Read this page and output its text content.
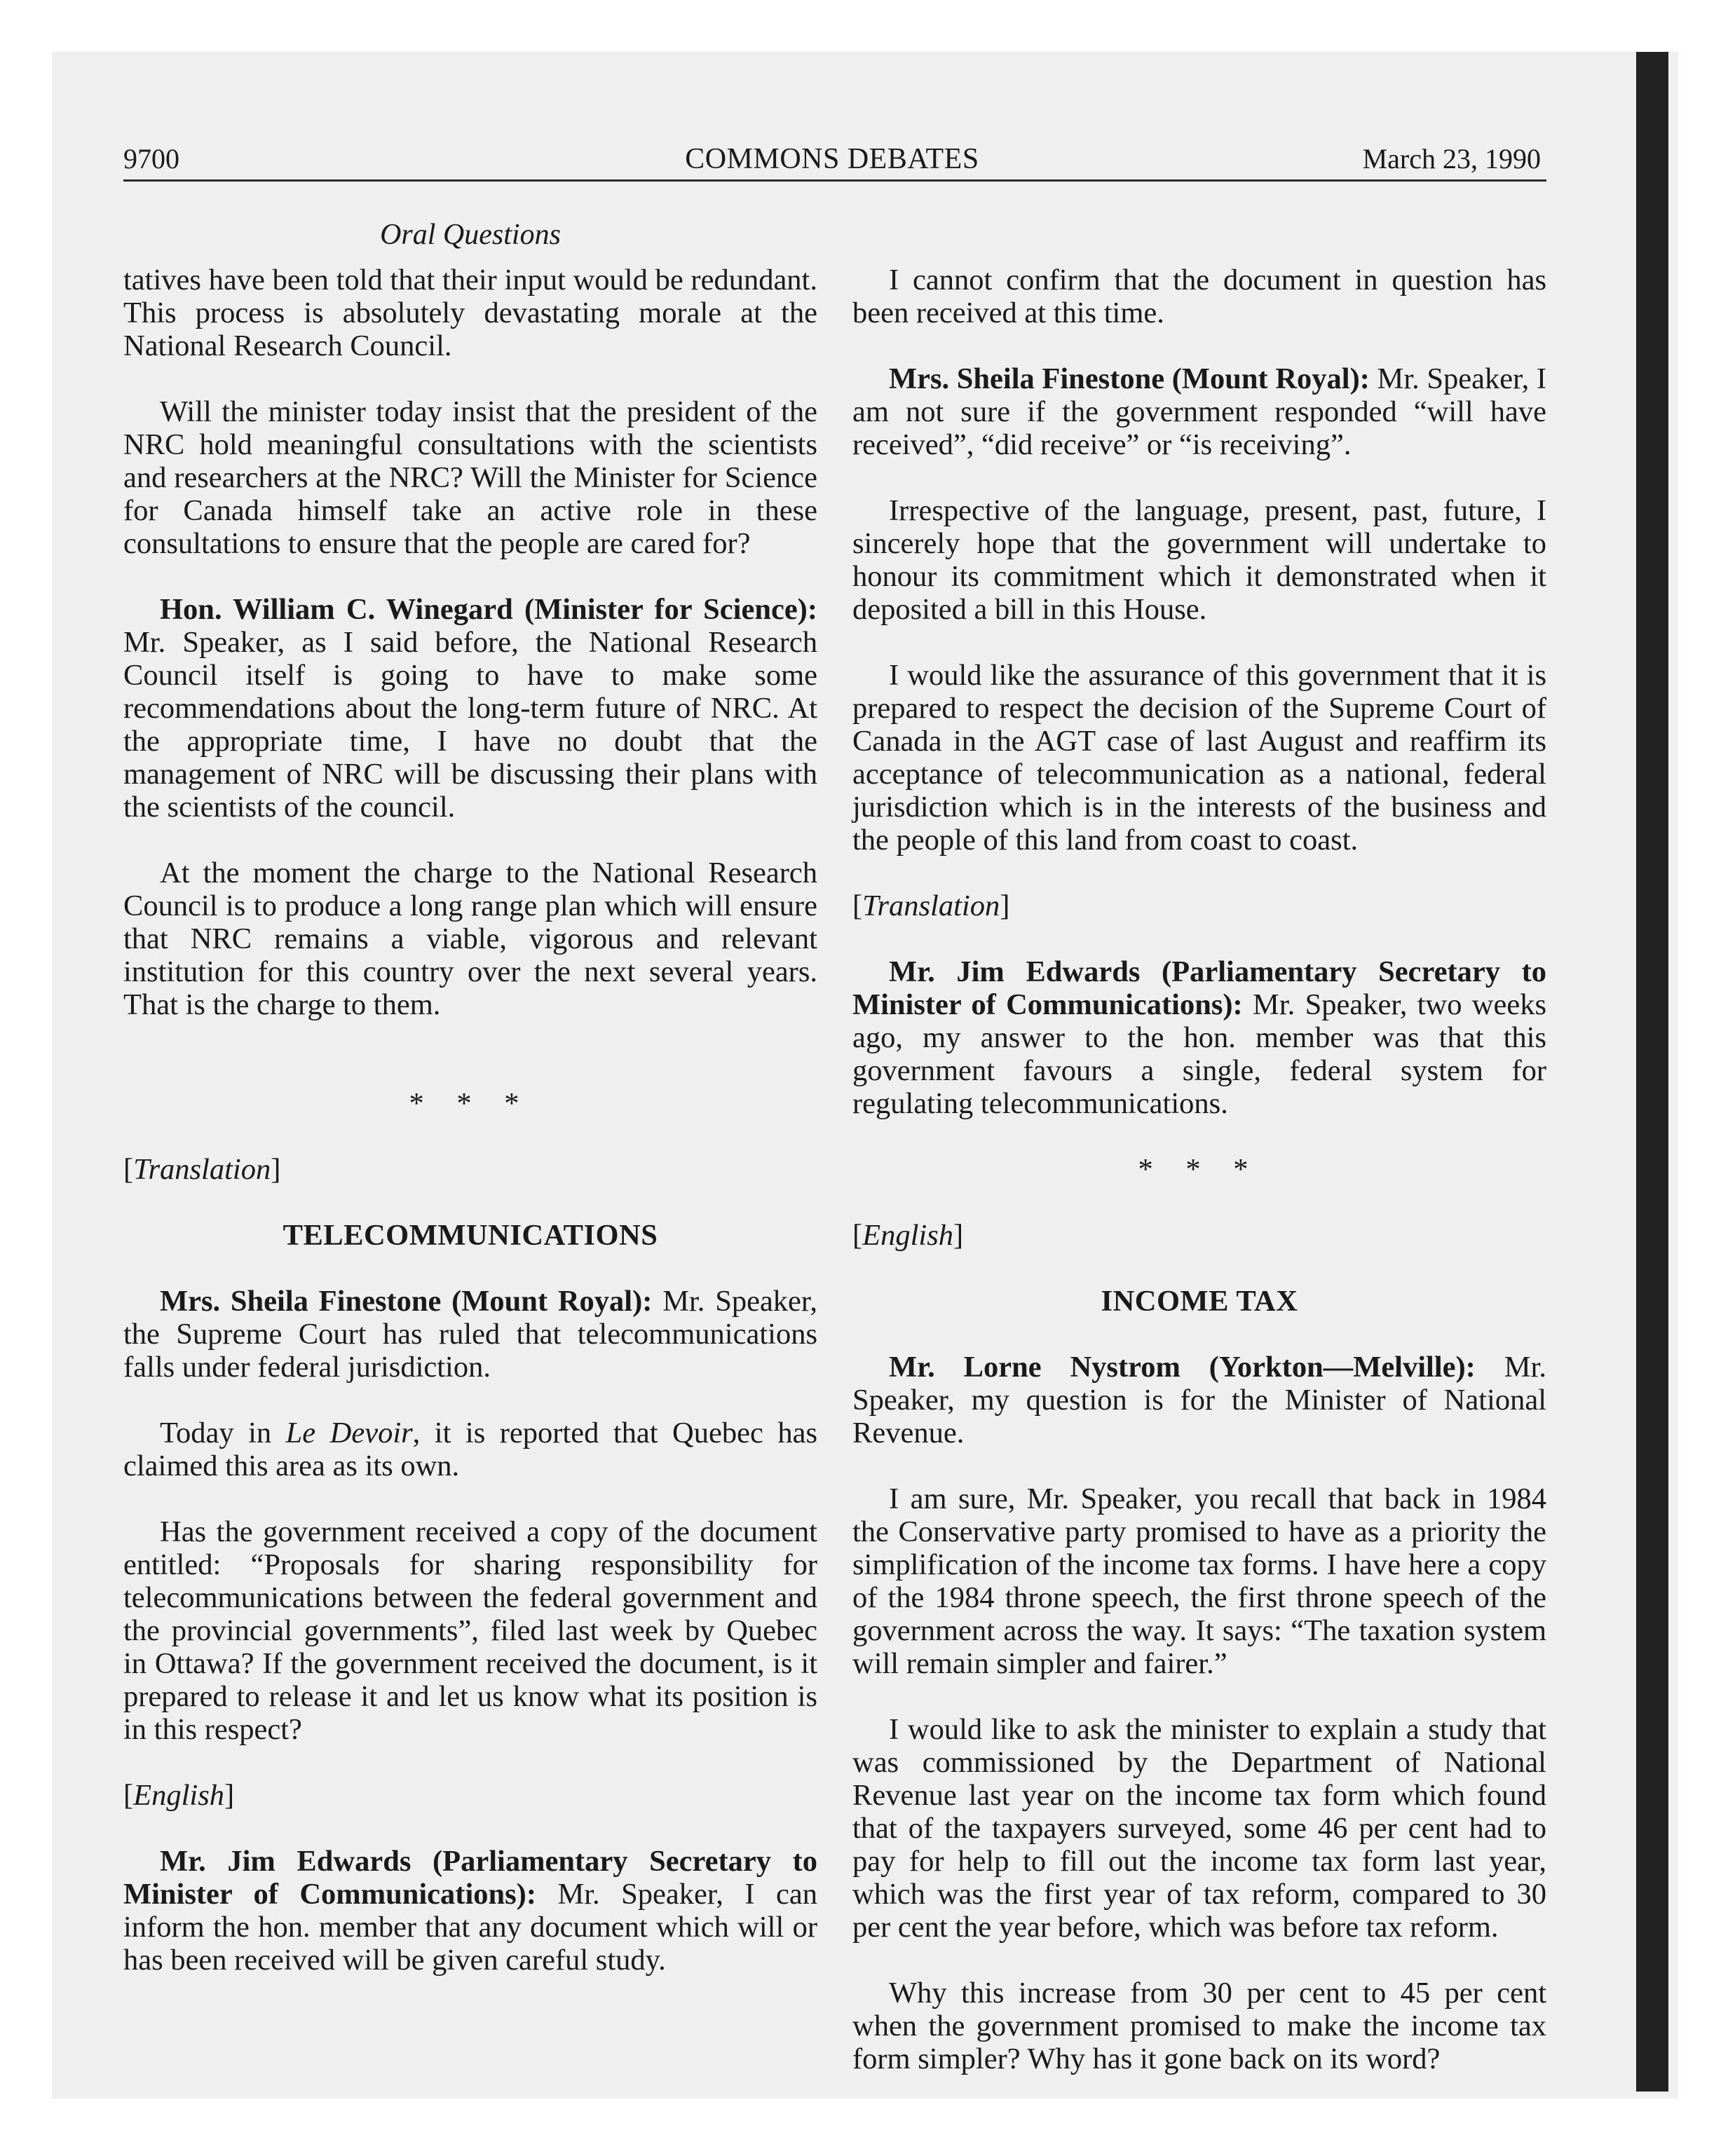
9700	COMMONS DEBATES	March 23, 1990
Oral Questions

tatives have been told that their input would be redundant. This process is absolutely devastating morale at the National Research Council.

Will the minister today insist that the president of the NRC hold meaningful consultations with the scientists and researchers at the NRC? Will the Minister for Science for Canada himself take an active role in these consultations to ensure that the people are cared for?

Hon. William C. Winegard (Minister for Science): Mr. Speaker, as I said before, the National Research Council itself is going to have to make some recommendations about the long-term future of NRC. At the appropriate time, I have no doubt that the management of NRC will be discussing their plans with the scientists of the council.

At the moment the charge to the National Research Council is to produce a long range plan which will ensure that NRC remains a viable, vigorous and relevant institution for this country over the next several years. That is the charge to them.

* * *
[Translation]
TELECOMMUNICATIONS

Mrs. Sheila Finestone (Mount Royal): Mr. Speaker, the Supreme Court has ruled that telecommunications falls under federal jurisdiction.

Today in Le Devoir, it is reported that Quebec has claimed this area as its own.

Has the government received a copy of the document entitled: “Proposals for sharing responsibility for telecommunications between the federal government and the provincial governments”, filed last week by Quebec in Ottawa? If the government received the document, is it prepared to release it and let us know what its position is in this respect?

[English]

Mr. Jim Edwards (Parliamentary Secretary to Minister of Communications): Mr. Speaker, I can inform the hon. member that any document which will or has been received will be given careful study.

I cannot confirm that the document in question has been received at this time.

Mrs. Sheila Finestone (Mount Royal): Mr. Speaker, I am not sure if the government responded “will have received”, “did receive” or “is receiving”.

Irrespective of the language, present, past, future, I sincerely hope that the government will undertake to honour its commitment which it demonstrated when it deposited a bill in this House.

I would like the assurance of this government that it is prepared to respect the decision of the Supreme Court of Canada in the AGT case of last August and reaffirm its acceptance of telecommunication as a national, federal jurisdiction which is in the interests of the business and the people of this land from coast to coast.

[Translation]

Mr. Jim Edwards (Parliamentary Secretary to Minister of Communications): Mr. Speaker, two weeks ago, my answer to the hon. member was that this government favours a single, federal system for regulating telecommunications.

* * *
[English]
INCOME TAX

Mr. Lorne Nystrom (Yorkton—Melville): Mr. Speaker, my question is for the Minister of National Revenue.

I am sure, Mr. Speaker, you recall that back in 1984 the Conservative party promised to have as a priority the simplification of the income tax forms. I have here a copy of the 1984 throne speech, the first throne speech of the government across the way. It says: “The taxation system will remain simpler and fairer.”

I would like to ask the minister to explain a study that was commissioned by the Department of National Revenue last year on the income tax form which found that of the taxpayers surveyed, some 46 per cent had to pay for help to fill out the income tax form last year, which was the first year of tax reform, compared to 30 per cent the year before, which was before tax reform.

Why this increase from 30 per cent to 45 per cent when the government promised to make the income tax form simpler? Why has it gone back on its word?
